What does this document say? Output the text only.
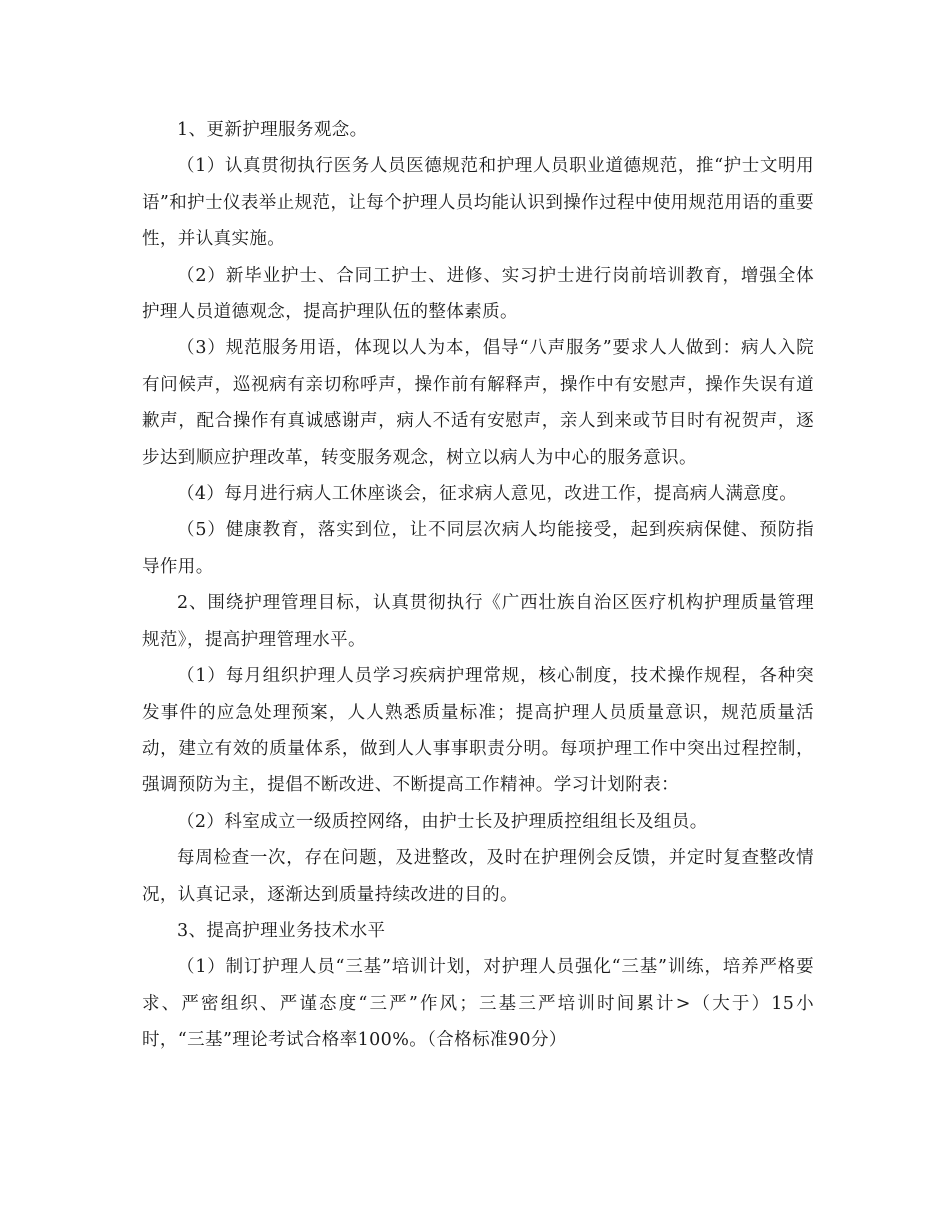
1、更新护理服务观念。

（1）认真贯彻执行医务人员医德规范和护理人员职业道德规范，推“护士文明用语”和护士仪表举止规范，让每个护理人员均能认识到操作过程中使用规范用语的重要性，并认真实施。

（2）新毕业护士、合同工护士、进修、实习护士进行岗前培训教育，增强全体护理人员道德观念，提高护理队伍的整体素质。

（3）规范服务用语，体现以人为本，倡导“八声服务”要求人人做到：病人入院有问候声，巡视病有亲切称呼声，操作前有解释声，操作中有安慰声，操作失误有道歉声，配合操作有真诚感谢声，病人不适有安慰声，亲人到来或节目时有祝贺声，逐步达到顺应护理改革，转变服务观念，树立以病人为中心的服务意识。

（4）每月进行病人工休座谈会，征求病人意见，改进工作，提高病人满意度。

（5）健康教育，落实到位，让不同层次病人均能接受，起到疾病保健、预防指导作用。

2、围绕护理管理目标，认真贯彻执行《广西壮族自治区医疗机构护理质量管理规范》，提高护理管理水平。

（1）每月组织护理人员学习疾病护理常规，核心制度，技术操作规程，各种突发事件的应急处理预案，人人熟悉质量标准；提高护理人员质量意识，规范质量活动，建立有效的质量体系，做到人人事事职责分明。每项护理工作中突出过程控制，强调预防为主，提倡不断改进、不断提高工作精神。学习计划附表：

（2）科室成立一级质控网络，由护士长及护理质控组组长及组员。

每周检查一次，存在问题，及进整改，及时在护理例会反馈，并定时复查整改情况，认真记录，逐渐达到质量持续改进的目的。

3、提高护理业务技术水平

（1）制订护理人员“三基”培训计划，对护理人员强化“三基”训练，培养严格要求、严密组织、严谨态度“三严”作风；三基三严培训时间累计>（大于）15小时，“三基”理论考试合格率100%。（合格标准90分）
